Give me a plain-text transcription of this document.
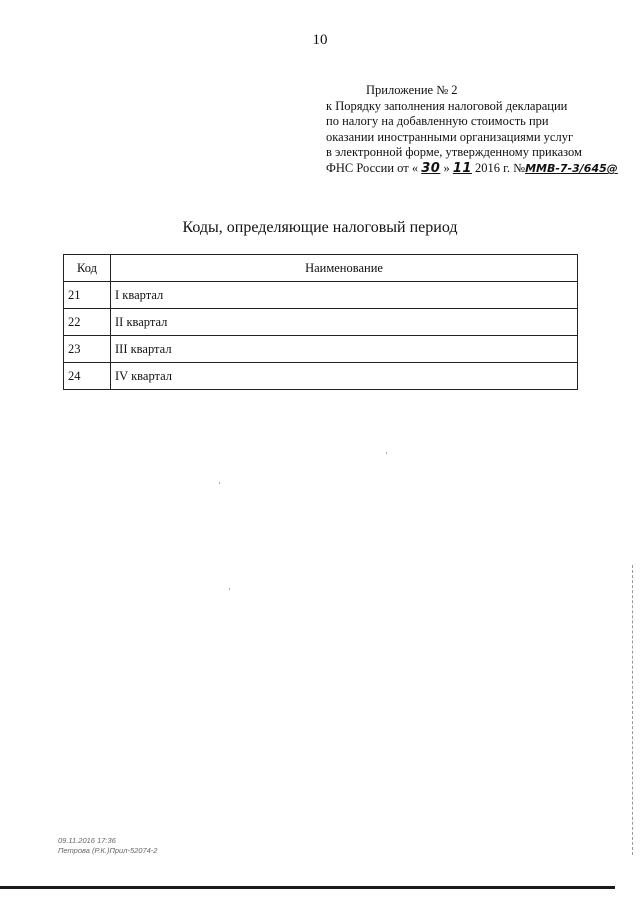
10
Приложение № 2
к Порядку заполнения налоговой декларации
по налогу на добавленную стоимость при
оказании иностранными организациями услуг
в электронной форме, утвержденному приказом
ФНС России от « 30 » 11 2016 г. №ММВ-7-3/645@
Коды, определяющие налоговый период
Код	Наименование
21	I квартал
22	II квартал
23	III квартал
24	IV квартал
09.11.2016 17:36
Петрова (Р.К.)Прил-52074-2
